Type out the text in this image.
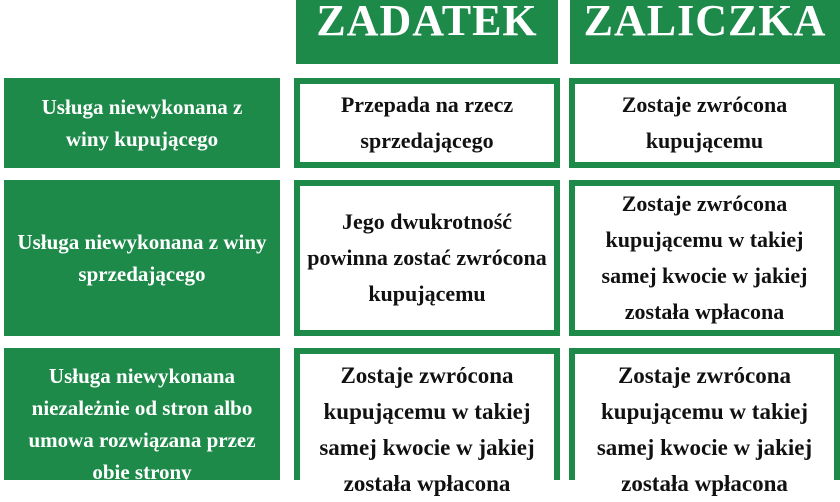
ZADATEK ZALICZKA
Usługa niewykonana z winy kupującego
Przepada na rzecz sprzedającego
Zostaje zwrócona kupującemu
Usługa niewykonana z winy sprzedającego
Jego dwukrotność powinna zostać zwrócona kupującemu
Zostaje zwrócona kupującemu w takiej samej kwocie w jakiej została wpłacona
Usługa niewykonana niezależnie od stron albo umowa rozwiązana przez obie strony
Zostaje zwrócona kupującemu w takiej samej kwocie w jakiej została wpłacona
Zostaje zwrócona kupującemu w takiej samej kwocie w jakiej została wpłacona
